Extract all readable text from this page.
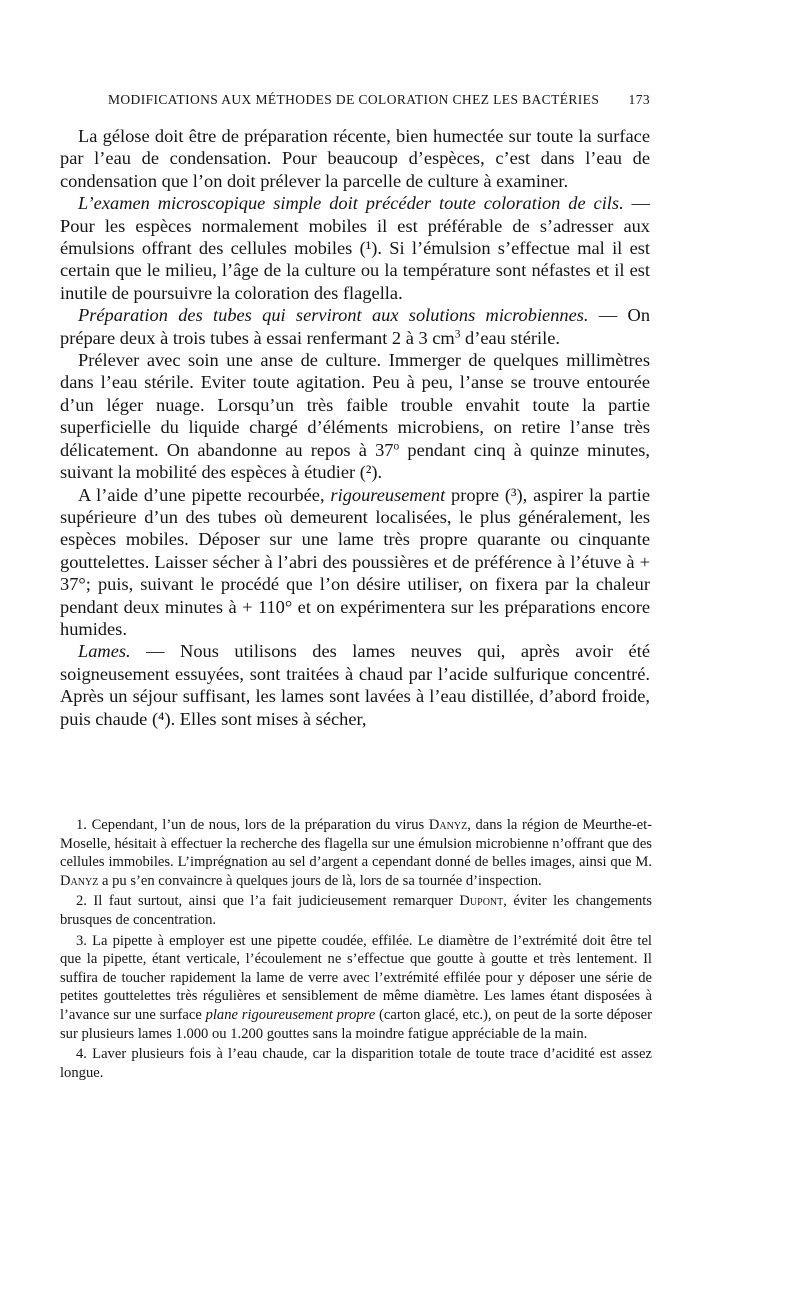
MODIFICATIONS AUX MÉTHODES DE COLORATION CHEZ LES BACTÉRIES 173

La gélose doit être de préparation récente, bien humectée sur toute la surface par l’eau de condensation. Pour beaucoup d’espèces, c’est dans l’eau de condensation que l’on doit prélever la parcelle de culture à examiner.

L’examen microscopique simple doit précéder toute coloration de cils. — Pour les espèces normalement mobiles il est préférable de s’adresser aux émulsions offrant des cellules mobiles (¹). Si l’émulsion s’effectue mal il est certain que le milieu, l’âge de la culture ou la température sont néfastes et il est inutile de poursuivre la coloration des flagella.

Préparation des tubes qui serviront aux solutions microbiennes. — On prépare deux à trois tubes à essai renfermant 2 à 3 $cm^3$ d’eau stérile.

Prélever avec soin une anse de culture. Immerger de quelques millimètres dans l’eau stérile. Eviter toute agitation. Peu à peu, l’anse se trouve entourée d’un léger nuage. Lorsqu’un très faible trouble envahit toute la partie superficielle du liquide chargé d’éléments microbiens, on retire l’anse très délicatement. On abandonne au repos à 37$^o$ pendant cinq à quinze minutes, suivant la mobilité des espèces à étudier (²).

A l’aide d’une pipette recourbée, rigoureusement propre (³), aspirer la partie supérieure d’un des tubes où demeurent localisées, le plus généralement, les espèces mobiles. Déposer sur une lame très propre quarante ou cinquante gouttelettes. Laisser sécher à l’abri des poussières et de préférence à l’étuve à + 37°; puis, suivant le procédé que l’on désire utiliser, on fixera par la chaleur pendant deux minutes à + 110° et on expérimentera sur les préparations encore humides.

Lames. — Nous utilisons des lames neuves qui, après avoir été soigneusement essuyées, sont traitées à chaud par l’acide sulfurique concentré. Après un séjour suffisant, les lames sont lavées à l’eau distillée, d’abord froide, puis chaude (⁴). Elles sont mises à sécher,

1. Cependant, l’un de nous, lors de la préparation du virus Danyz, dans la région de Meurthe-et-Moselle, hésitait à effectuer la recherche des flagella sur une émulsion microbienne n’offrant que des cellules immobiles. L’imprégnation au sel d’argent a cependant donné de belles images, ainsi que M. Danyz a pu s’en convaincre à quelques jours de là, lors de sa tournée d’inspection.

2. Il faut surtout, ainsi que l’a fait judicieusement remarquer Dupont, éviter les changements brusques de concentration.

3. La pipette à employer est une pipette coudée, effilée. Le diamètre de l’extrémité doit être tel que la pipette, étant verticale, l’écoulement ne s’effectue que goutte à goutte et très lentement. Il suffira de toucher rapidement la lame de verre avec l’extrémité effilée pour y déposer une série de petites gouttelettes très régulières et sensiblement de même diamètre. Les lames étant disposées à l’avance sur une surface plane rigoureusement propre (carton glacé, etc.), on peut de la sorte déposer sur plusieurs lames 1.000 ou 1.200 gouttes sans la moindre fatigue appréciable de la main.

4. Laver plusieurs fois à l’eau chaude, car la disparition totale de toute trace d’acidité est assez longue.
